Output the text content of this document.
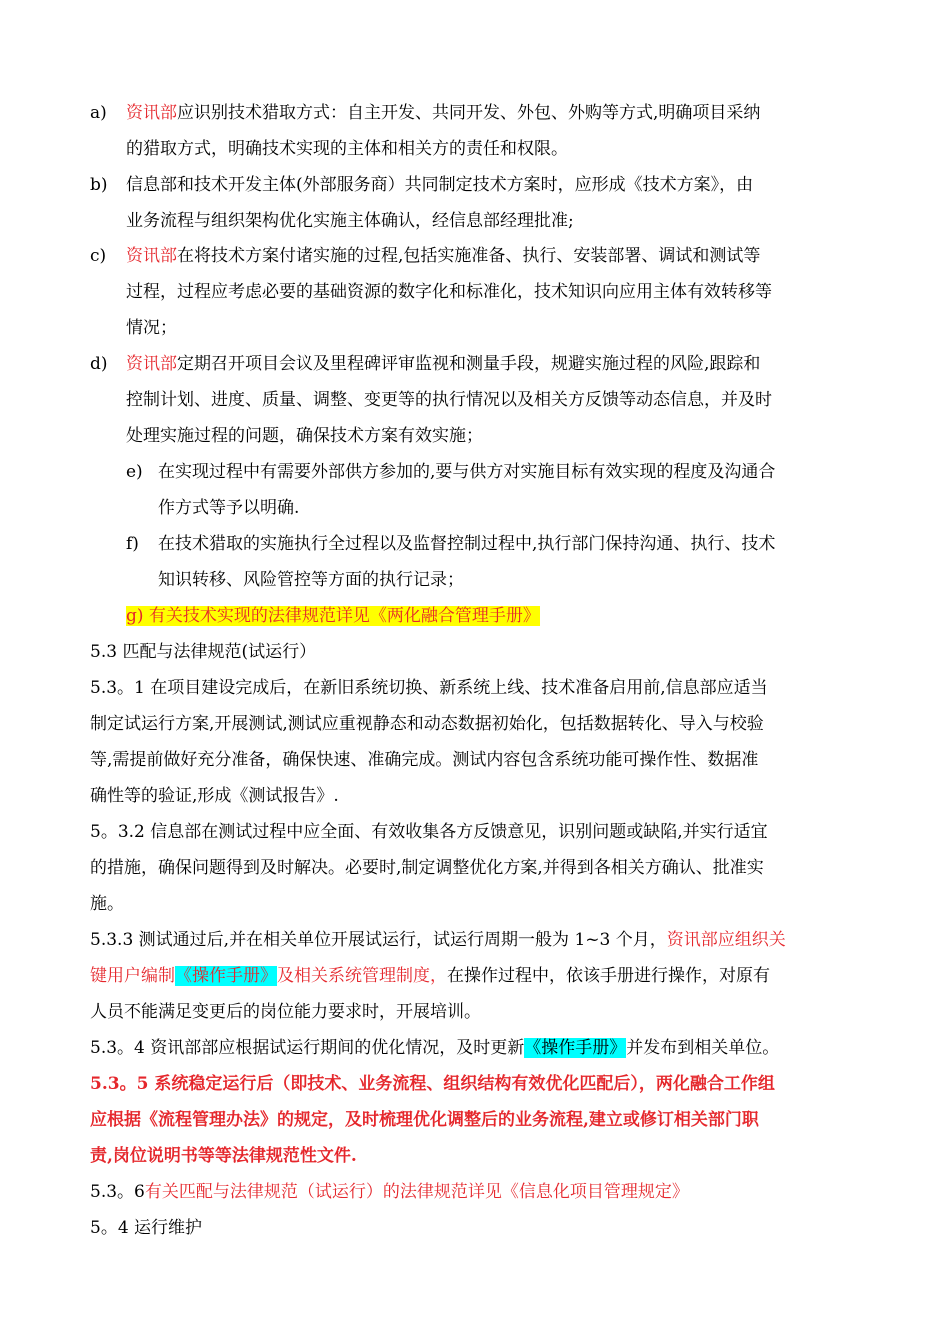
a) 资讯部应识别技术猎取方式：自主开发、共同开发、外包、外购等方式,明确项目采纳
的猎取方式，明确技术实现的主体和相关方的责任和权限。
b) 信息部和技术开发主体(外部服务商）共同制定技术方案时，应形成《技术方案》，由
业务流程与组织架构优化实施主体确认，经信息部经理批准;
c) 资讯部在将技术方案付诸实施的过程,包括实施准备、执行、安装部署、调试和测试等
过程，过程应考虑必要的基础资源的数字化和标准化，技术知识向应用主体有效转移等
情况；
d) 资讯部定期召开项目会议及里程碑评审监视和测量手段，规避实施过程的风险,跟踪和
控制计划、进度、质量、调整、变更等的执行情况以及相关方反馈等动态信息，并及时
处理实施过程的问题，确保技术方案有效实施；
e) 在实现过程中有需要外部供方参加的,要与供方对实施目标有效实现的程度及沟通合
作方式等予以明确.
f) 在技术猎取的实施执行全过程以及监督控制过程中,执行部门保持沟通、执行、技术
知识转移、风险管控等方面的执行记录；
g) 有关技术实现的法律规范详见《两化融合管理手册》
5.3 匹配与法律规范(试运行）
5.3。1 在项目建设完成后，在新旧系统切换、新系统上线、技术准备启用前,信息部应适当
制定试运行方案,开展测试,测试应重视静态和动态数据初始化，包括数据转化、导入与校验
等,需提前做好充分准备，确保快速、准确完成。测试内容包含系统功能可操作性、数据准
确性等的验证,形成《测试报告》.
5。3.2 信息部在测试过程中应全面、有效收集各方反馈意见，识别问题或缺陷,并实行适宜
的措施，确保问题得到及时解决。必要时,制定调整优化方案,并得到各相关方确认、批准实
施。
5.3.3 测试通过后,并在相关单位开展试运行，试运行周期一般为 1~3 个月，资讯部应组织关
键用户编制《操作手册》及相关系统管理制度，在操作过程中，依该手册进行操作，对原有
人员不能满足变更后的岗位能力要求时，开展培训。
5.3。4 资讯部部应根据试运行期间的优化情况，及时更新《操作手册》并发布到相关单位。
5.3。5 系统稳定运行后（即技术、业务流程、组织结构有效优化匹配后），两化融合工作组
应根据《流程管理办法》的规定，及时梳理优化调整后的业务流程,建立或修订相关部门职
责,岗位说明书等等法律规范性文件.
5.3。6有关匹配与法律规范（试运行）的法律规范详见《信息化项目管理规定》
5。4 运行维护
